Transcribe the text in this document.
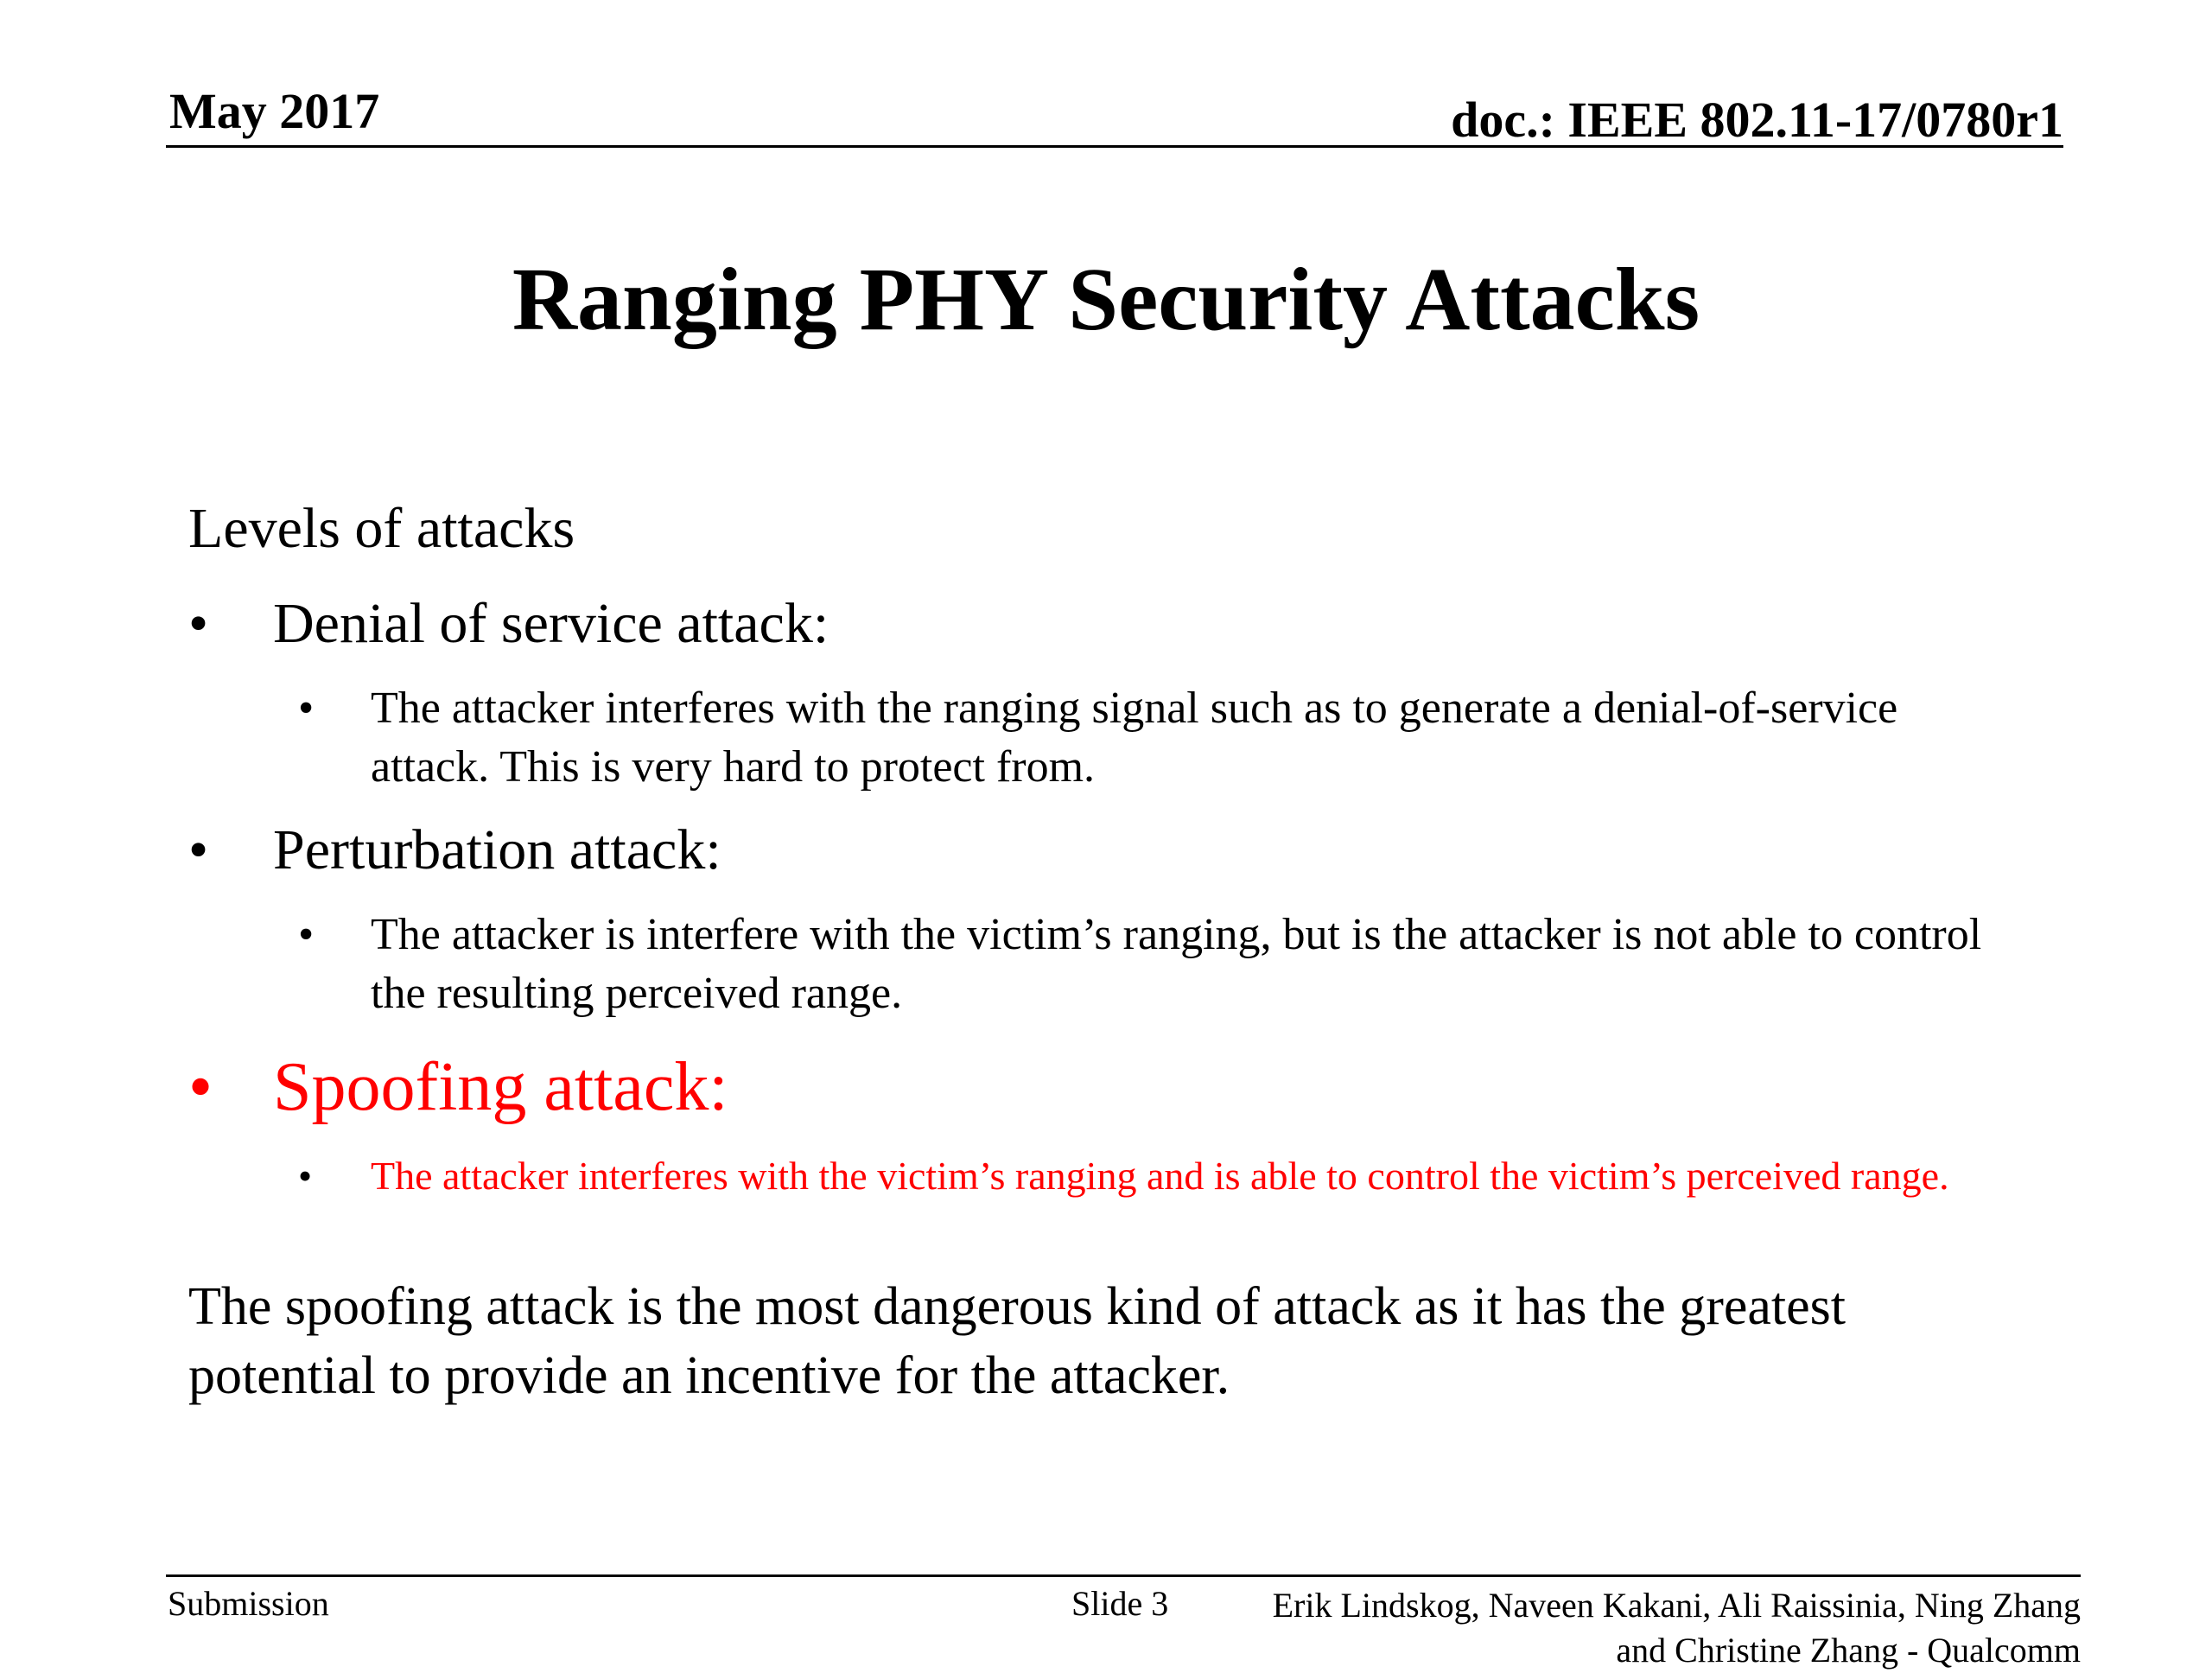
May 2017	doc.: IEEE 802.11-17/0780r1
Ranging PHY Security Attacks
Levels of attacks
• Denial of service attack:
• The attacker interferes with the ranging signal such as to generate a denial-of-service attack. This is very hard to protect from.
• Perturbation attack:
• The attacker is interfere with the victim’s ranging, but is the attacker is not able to control the resulting perceived range.
• Spoofing attack:
• The attacker interferes with the victim’s ranging and is able to control the victim’s perceived range.
The spoofing attack is the most dangerous kind of attack as it has the greatest potential to provide an incentive for the attacker.
Submission	Slide 3	Erik Lindskog, Naveen Kakani, Ali Raissinia, Ning Zhang and Christine Zhang - Qualcomm
